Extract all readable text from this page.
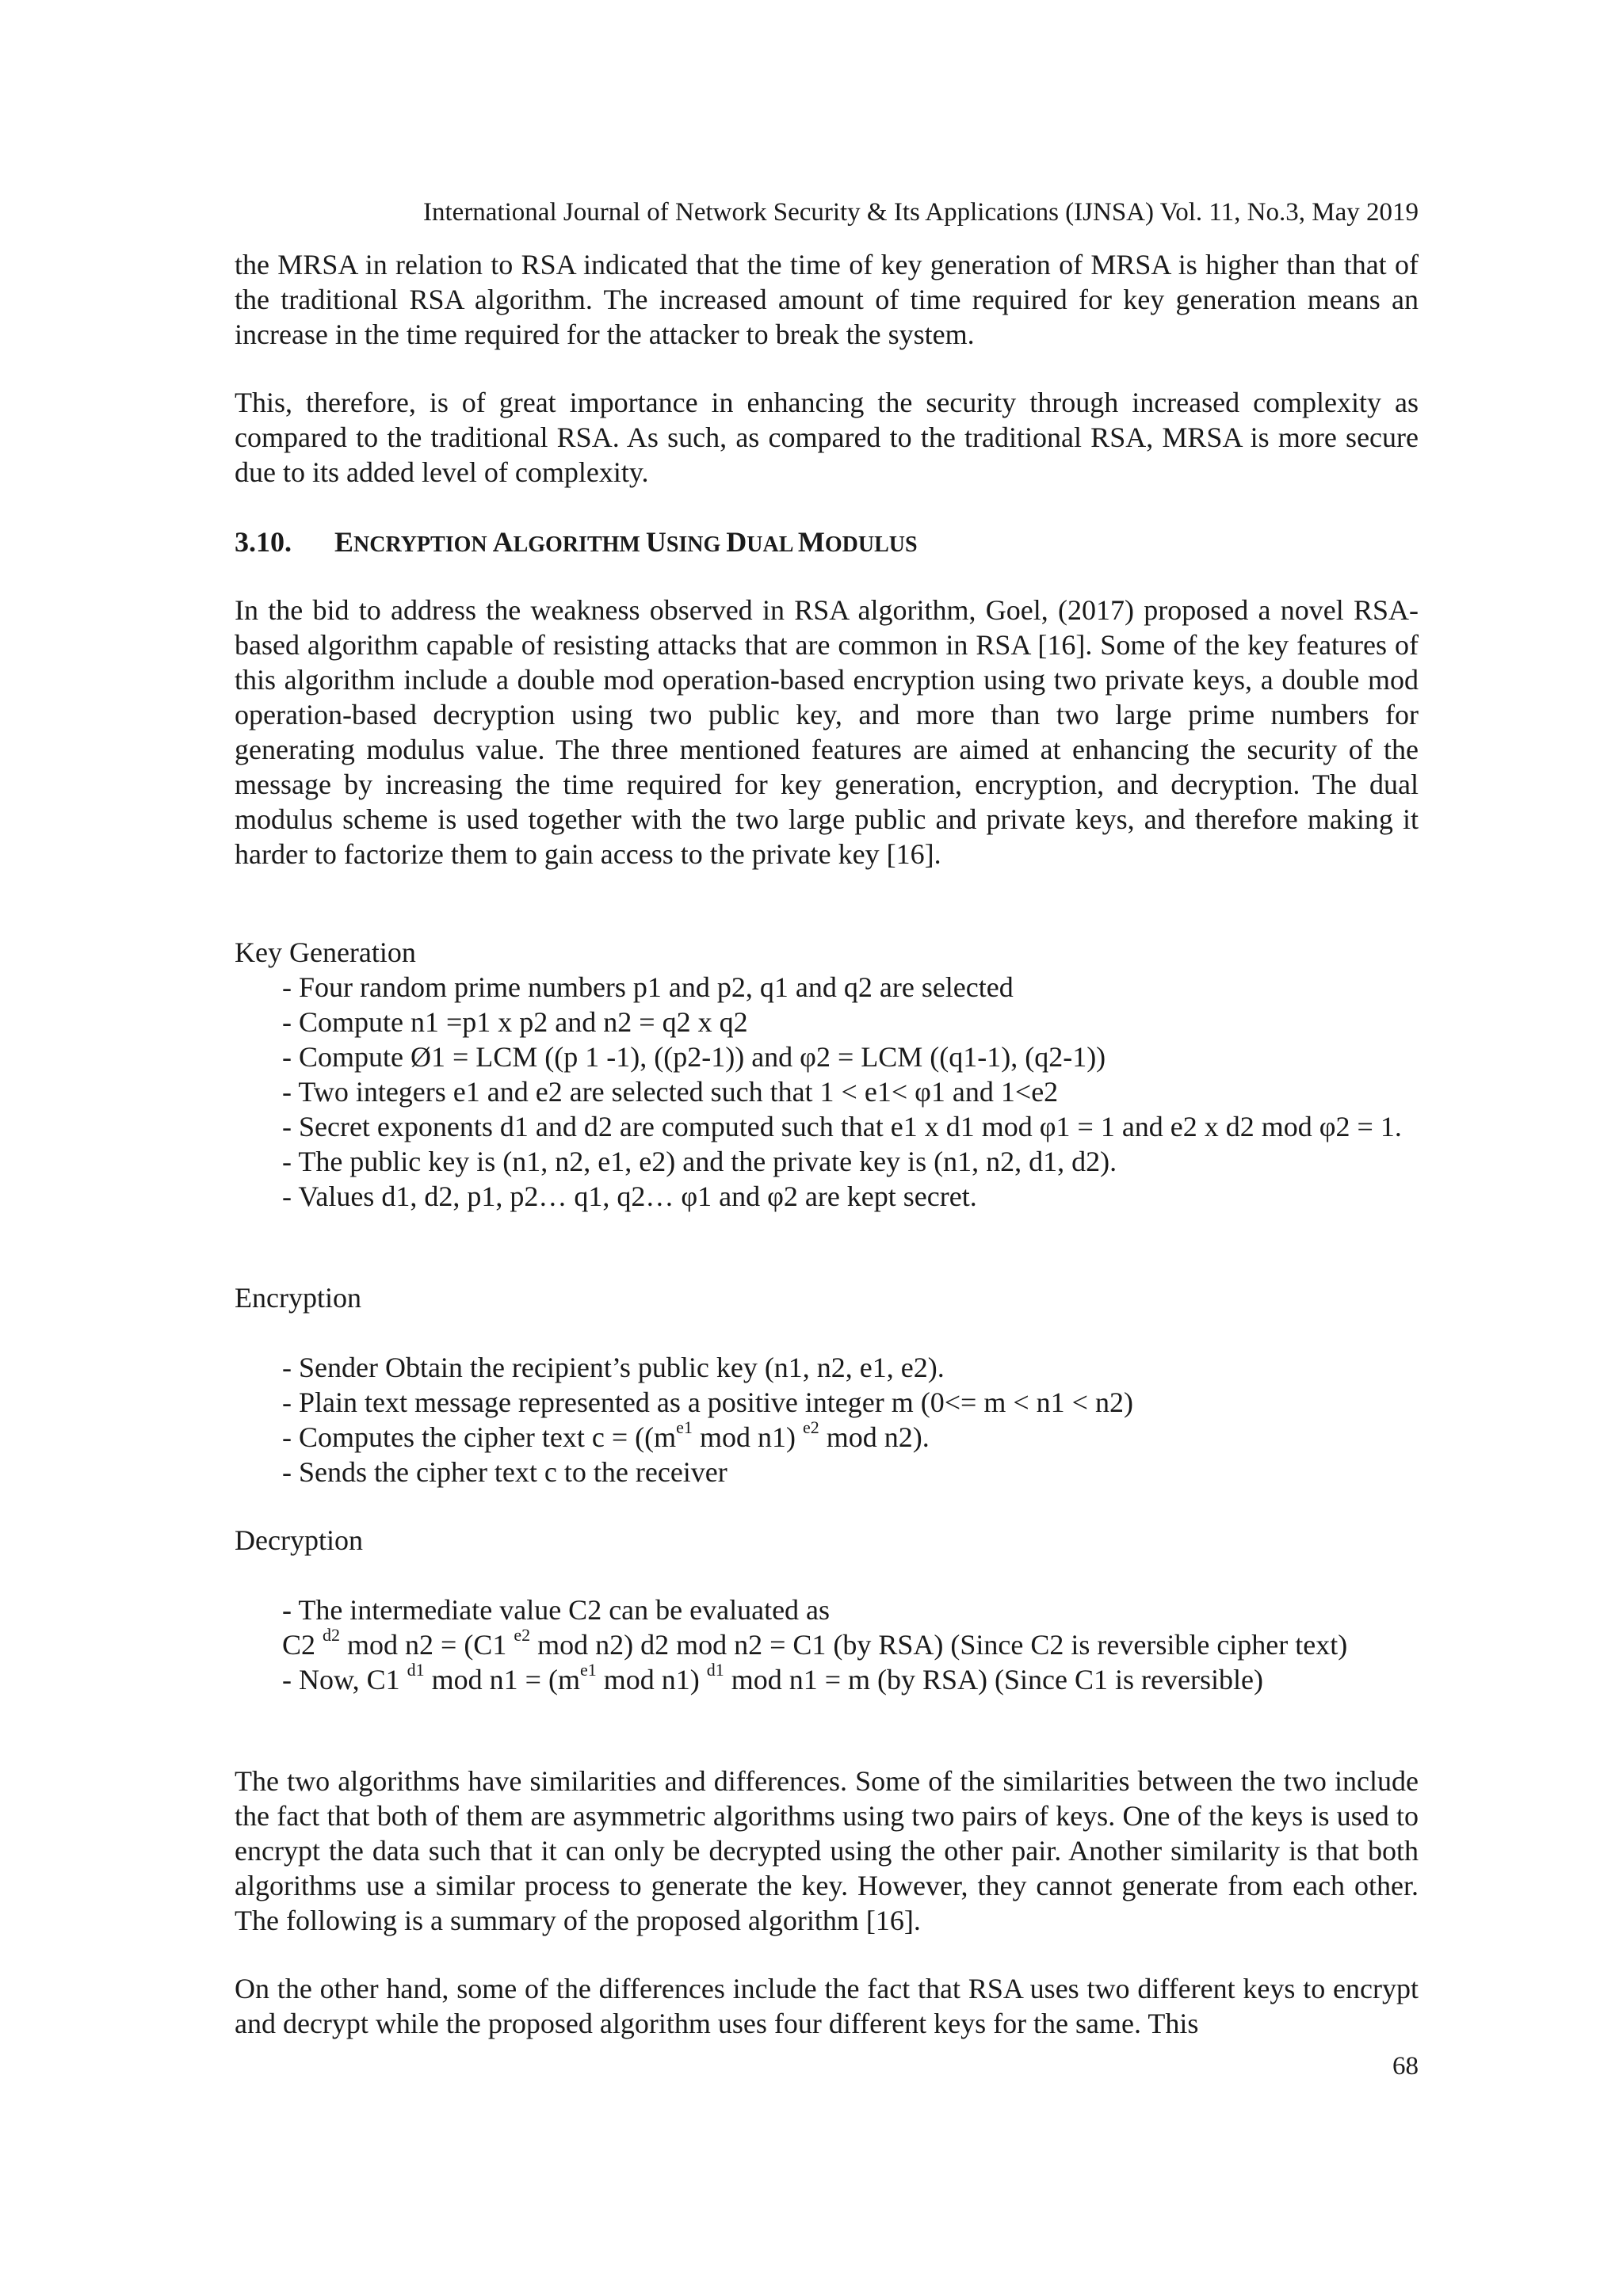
International Journal of Network Security & Its Applications (IJNSA) Vol. 11, No.3, May 2019

the MRSA in relation to RSA indicated that the time of key generation of MRSA is higher than that of the traditional RSA algorithm. The increased amount of time required for key generation means an increase in the time required for the attacker to break the system.

This, therefore, is of great importance in enhancing the security through increased complexity as compared to the traditional RSA. As such, as compared to the traditional RSA, MRSA is more secure due to its added level of complexity.

3.10. ENCRYPTION ALGORITHM USING DUAL MODULUS

In the bid to address the weakness observed in RSA algorithm, Goel, (2017) proposed a novel RSA-based algorithm capable of resisting attacks that are common in RSA [16]. Some of the key features of this algorithm include a double mod operation-based encryption using two private keys, a double mod operation-based decryption using two public key, and more than two large prime numbers for generating modulus value. The three mentioned features are aimed at enhancing the security of the message by increasing the time required for key generation, encryption, and decryption. The dual modulus scheme is used together with the two large public and private keys, and therefore making it harder to factorize them to gain access to the private key [16].

Key Generation

- Four random prime numbers p1 and p2, q1 and q2 are selected

- Compute n1 =p1 x p2 and n2 = q2 x q2

- Compute Ø1 = LCM ((p 1 -1), ((p2-1)) and φ2 = LCM ((q1-1), (q2-1))

- Two integers e1 and e2 are selected such that 1 < e1< φ1 and 1<e2

- Secret exponents d1 and d2 are computed such that e1 x d1 mod φ1 = 1 and e2 x d2 mod φ2 = 1.

- The public key is (n1, n2, e1, e2) and the private key is (n1, n2, d1, d2).

- Values d1, d2, p1, p2… q1, q2… φ1 and φ2 are kept secret.

Encryption

- Sender Obtain the recipient’s public key (n1, n2, e1, e2).

- Plain text message represented as a positive integer m (0<= m < n1 < n2)

- Computes the cipher text $c = ((m^{e1}$ mod n1) $^{e2}$ mod n2).

- Sends the cipher text c to the receiver

Decryption

- The intermediate value C2 can be evaluated as

C2 $^{d2}$ mod n2 = (C1 $^{e2}$ mod n2) d2 mod n2 = C1 (by RSA) (Since C2 is reversible cipher text)

- Now, C1 $^{d1}$ mod $n1 = (m^{e1}$ mod n1) $^{d1}$ mod n1 = m (by RSA) (Since C1 is reversible)

The two algorithms have similarities and differences. Some of the similarities between the two include the fact that both of them are asymmetric algorithms using two pairs of keys. One of the keys is used to encrypt the data such that it can only be decrypted using the other pair. Another similarity is that both algorithms use a similar process to generate the key. However, they cannot generate from each other. The following is a summary of the proposed algorithm [16].

On the other hand, some of the differences include the fact that RSA uses two different keys to encrypt and decrypt while the proposed algorithm uses four different keys for the same. This

68
